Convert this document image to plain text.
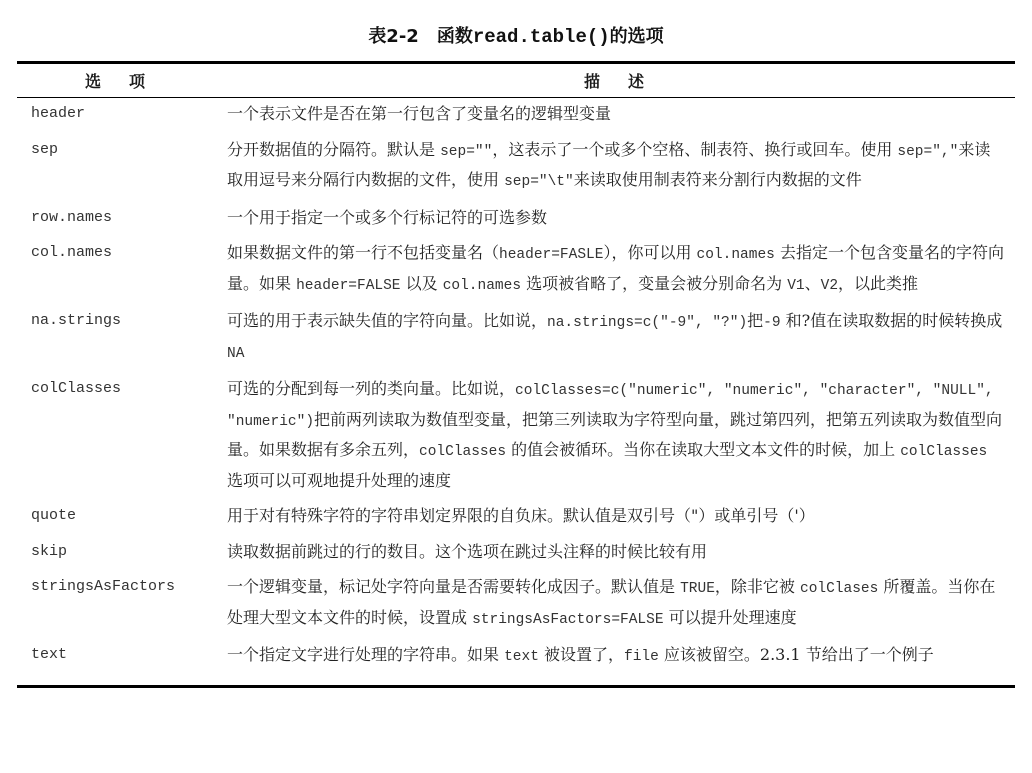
表2-2　函数read.table()的选项
选项	描述
header	一个表示文件是否在第一行包含了变量名的逻辑型变量
sep	分开数据值的分隔符。默认是 sep=""，这表示了一个或多个空格、制表符、换行或回车。使用 sep=","来读取用逗号来分隔行内数据的文件，使用 sep="\t"来读取使用制表符来分割行内数据的文件
row.names	一个用于指定一个或多个行标记符的可选参数
col.names	如果数据文件的第一行不包括变量名（header=FASLE），你可以用 col.names 去指定一个包含变量名的字符向量。如果 header=FALSE 以及 col.names 选项被省略了，变量会被分别命名为 V1、V2，以此类推
na.strings	可选的用于表示缺失值的字符向量。比如说，na.strings=c("-9", "?")把-9 和?值在读取数据的时候转换成 NA
colClasses	可选的分配到每一列的类向量。比如说，colClasses=c("numeric", "numeric", "character", "NULL", "numeric")把前两列读取为数值型变量，把第三列读取为字符型向量，跳过第四列，把第五列读取为数值型向量。如果数据有多余五列，colClasses 的值会被循环。当你在读取大型文本文件的时候，加上 colClasses 选项可以可观地提升处理的速度
quote	用于对有特殊字符的字符串划定界限的自负床。默认值是双引号（"）或单引号（'）
skip	读取数据前跳过的行的数目。这个选项在跳过头注释的时候比较有用
stringsAsFactors	一个逻辑变量，标记处字符向量是否需要转化成因子。默认值是 TRUE，除非它被 colClases 所覆盖。当你在处理大型文本文件的时候，设置成 stringsAsFactors=FALSE 可以提升处理速度
text	一个指定文字进行处理的字符串。如果 text 被设置了，file 应该被留空。2.3.1 节给出了一个例子
